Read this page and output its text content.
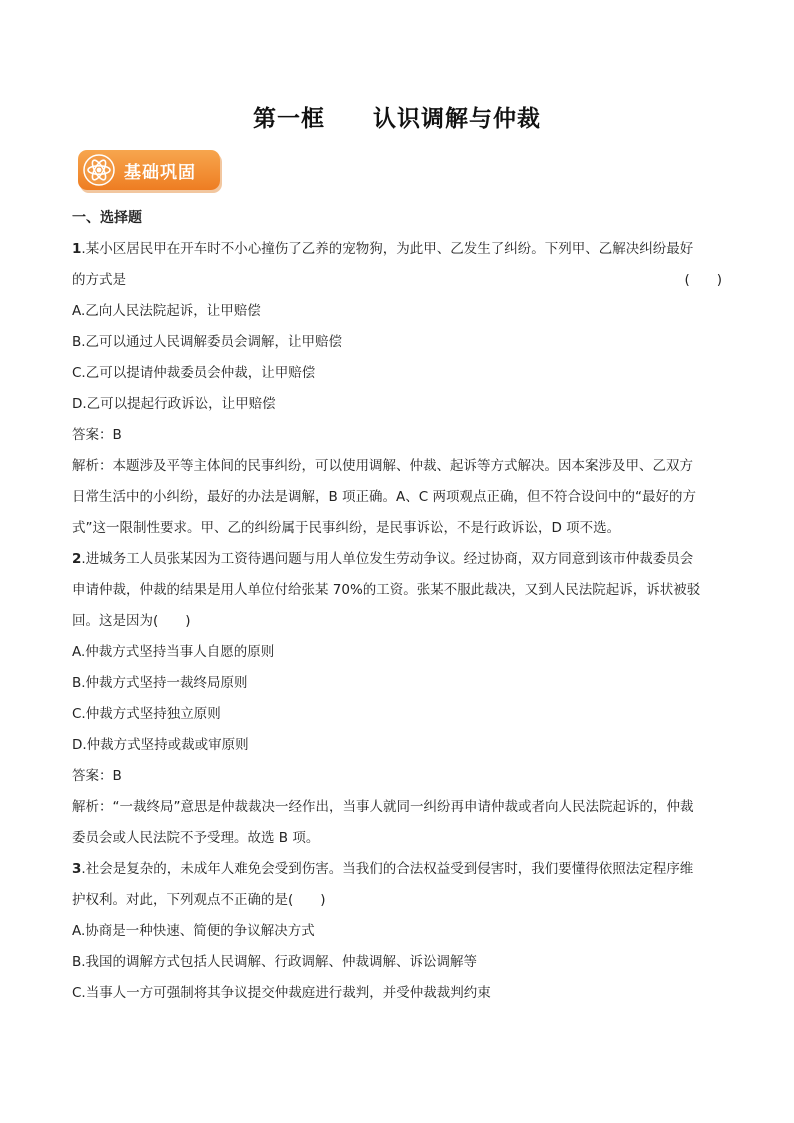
第一框　　认识调解与仲裁
基础巩固
一、选择题
1.某小区居民甲在开车时不小心撞伤了乙养的宠物狗，为此甲、乙发生了纠纷。下列甲、乙解决纠纷最好
的方式是	(　　)
A.乙向人民法院起诉，让甲赔偿
B.乙可以通过人民调解委员会调解，让甲赔偿
C.乙可以提请仲裁委员会仲裁，让甲赔偿
D.乙可以提起行政诉讼，让甲赔偿
答案：B
解析：本题涉及平等主体间的民事纠纷，可以使用调解、仲裁、起诉等方式解决。因本案涉及甲、乙双方
日常生活中的小纠纷，最好的办法是调解，B 项正确。A、C 两项观点正确，但不符合设问中的“最好的方
式”这一限制性要求。甲、乙的纠纷属于民事纠纷，是民事诉讼，不是行政诉讼，D 项不选。
2.进城务工人员张某因为工资待遇问题与用人单位发生劳动争议。经过协商，双方同意到该市仲裁委员会
申请仲裁，仲裁的结果是用人单位付给张某 70%的工资。张某不服此裁决，又到人民法院起诉，诉状被驳
回。这是因为(　　)
A.仲裁方式坚持当事人自愿的原则
B.仲裁方式坚持一裁终局原则
C.仲裁方式坚持独立原则
D.仲裁方式坚持或裁或审原则
答案：B
解析：“一裁终局”意思是仲裁裁决一经作出，当事人就同一纠纷再申请仲裁或者向人民法院起诉的，仲裁
委员会或人民法院不予受理。故选 B 项。
3.社会是复杂的，未成年人难免会受到伤害。当我们的合法权益受到侵害时，我们要懂得依照法定程序维
护权利。对此，下列观点不正确的是(　　)
A.协商是一种快速、简便的争议解决方式
B.我国的调解方式包括人民调解、行政调解、仲裁调解、诉讼调解等
C.当事人一方可强制将其争议提交仲裁庭进行裁判，并受仲裁裁判约束
